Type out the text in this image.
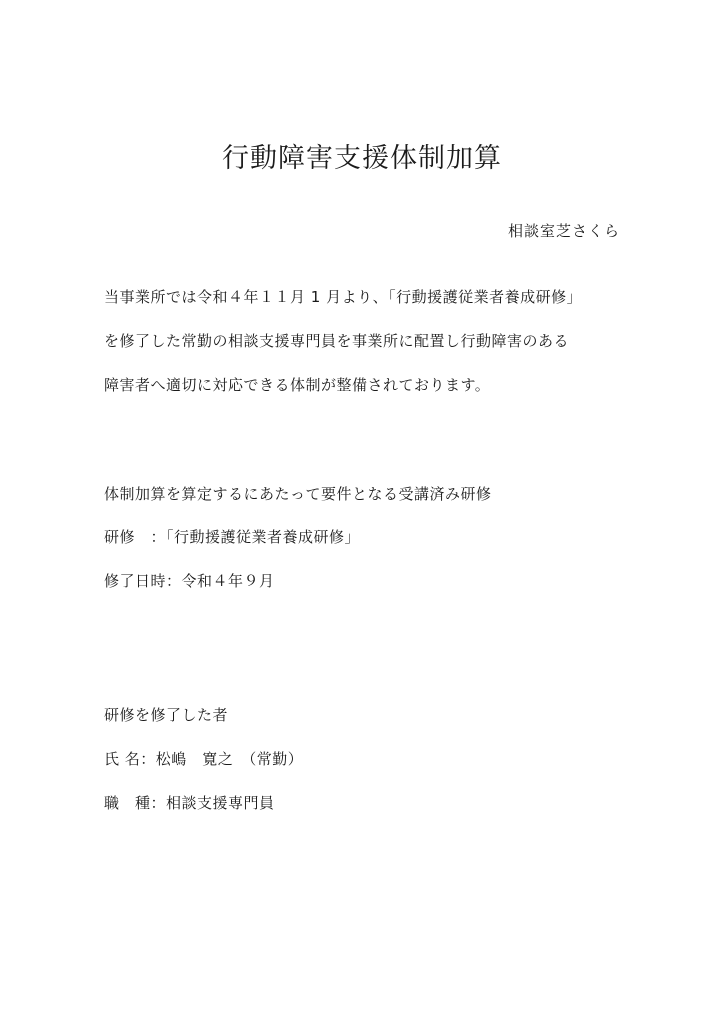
行動障害支援体制加算
相談室芝さくら
当事業所では令和４年１１月 1 月より、「行動援護従業者養成研修」
を修了した常勤の相談支援専門員を事業所に配置し行動障害のある
障害者へ適切に対応できる体制が整備されております。
体制加算を算定するにあたって要件となる受講済み研修
研修　：「行動援護従業者養成研修」
修了日時：令和４年９月
研修を修了した者
氏 名：松嶋　寛之　（常勤）
職　種：相談支援専門員
